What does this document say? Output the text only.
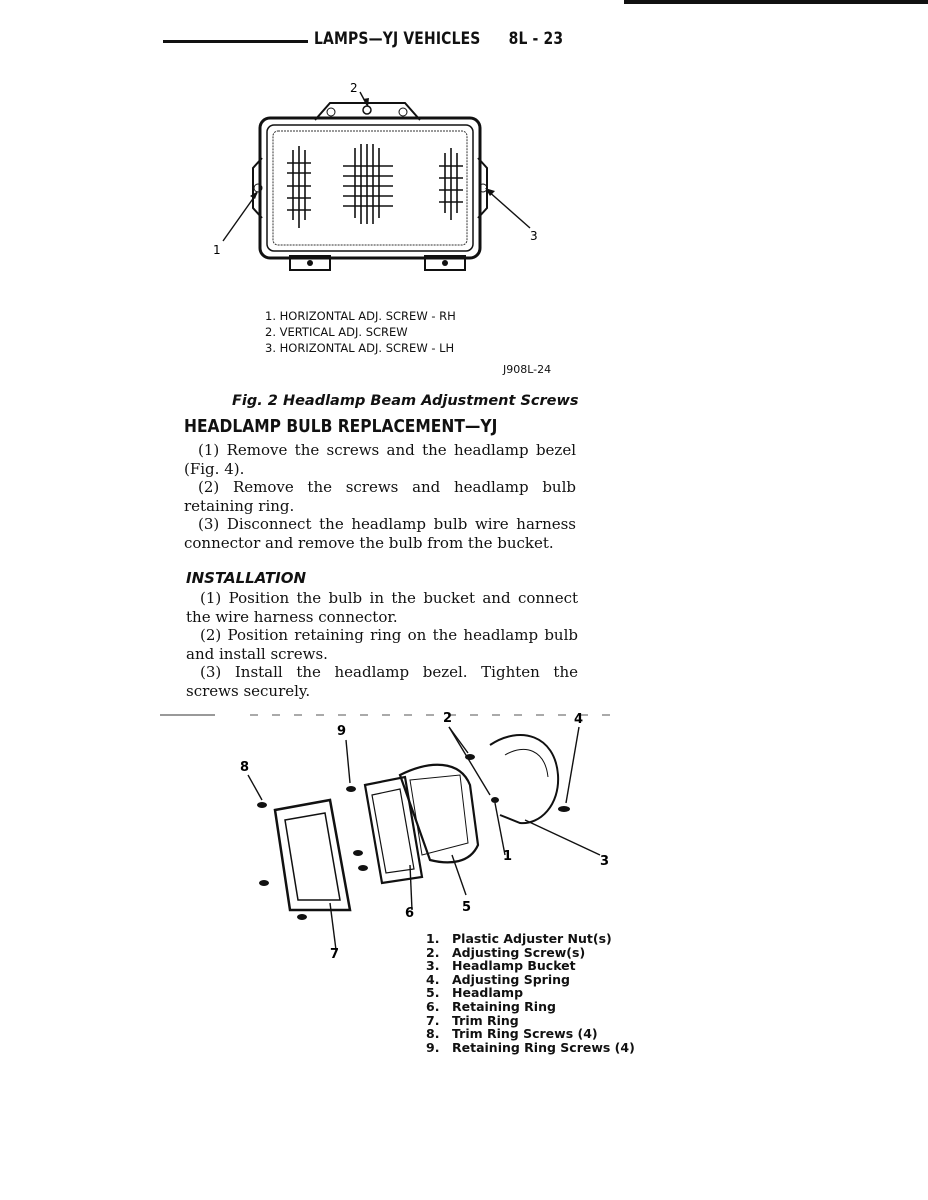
LAMPS—YJ VEHICLES 8L - 23
1
2
3
1. HORIZONTAL ADJ. SCREW - RH
2. VERTICAL ADJ. SCREW
3. HORIZONTAL ADJ. SCREW - LH
J908L-24
Fig. 2 Headlamp Beam Adjustment Screws
HEADLAMP BULB REPLACEMENT—YJ

(1) Remove the screws and the headlamp bezel (Fig. 4).

(2) Remove the screws and headlamp bulb retaining ring.

(3) Disconnect the headlamp bulb wire harness connector and remove the bulb from the bucket.

INSTALLATION

(1) Position the bulb in the bucket and connect the wire harness connector.

(2) Position retaining ring on the headlamp bulb and install screws.

(3) Install the headlamp bezel. Tighten the screws securely.

8
9
2	4
3
1
5
6
7
1. Plastic Adjuster Nut(s)
2. Adjusting Screw(s)
3. Headlamp Bucket
4. Adjusting Spring
5. Headlamp
6. Retaining Ring
7. Trim Ring
8. Trim Ring Screws (4)
9. Retaining Ring Screws (4)
